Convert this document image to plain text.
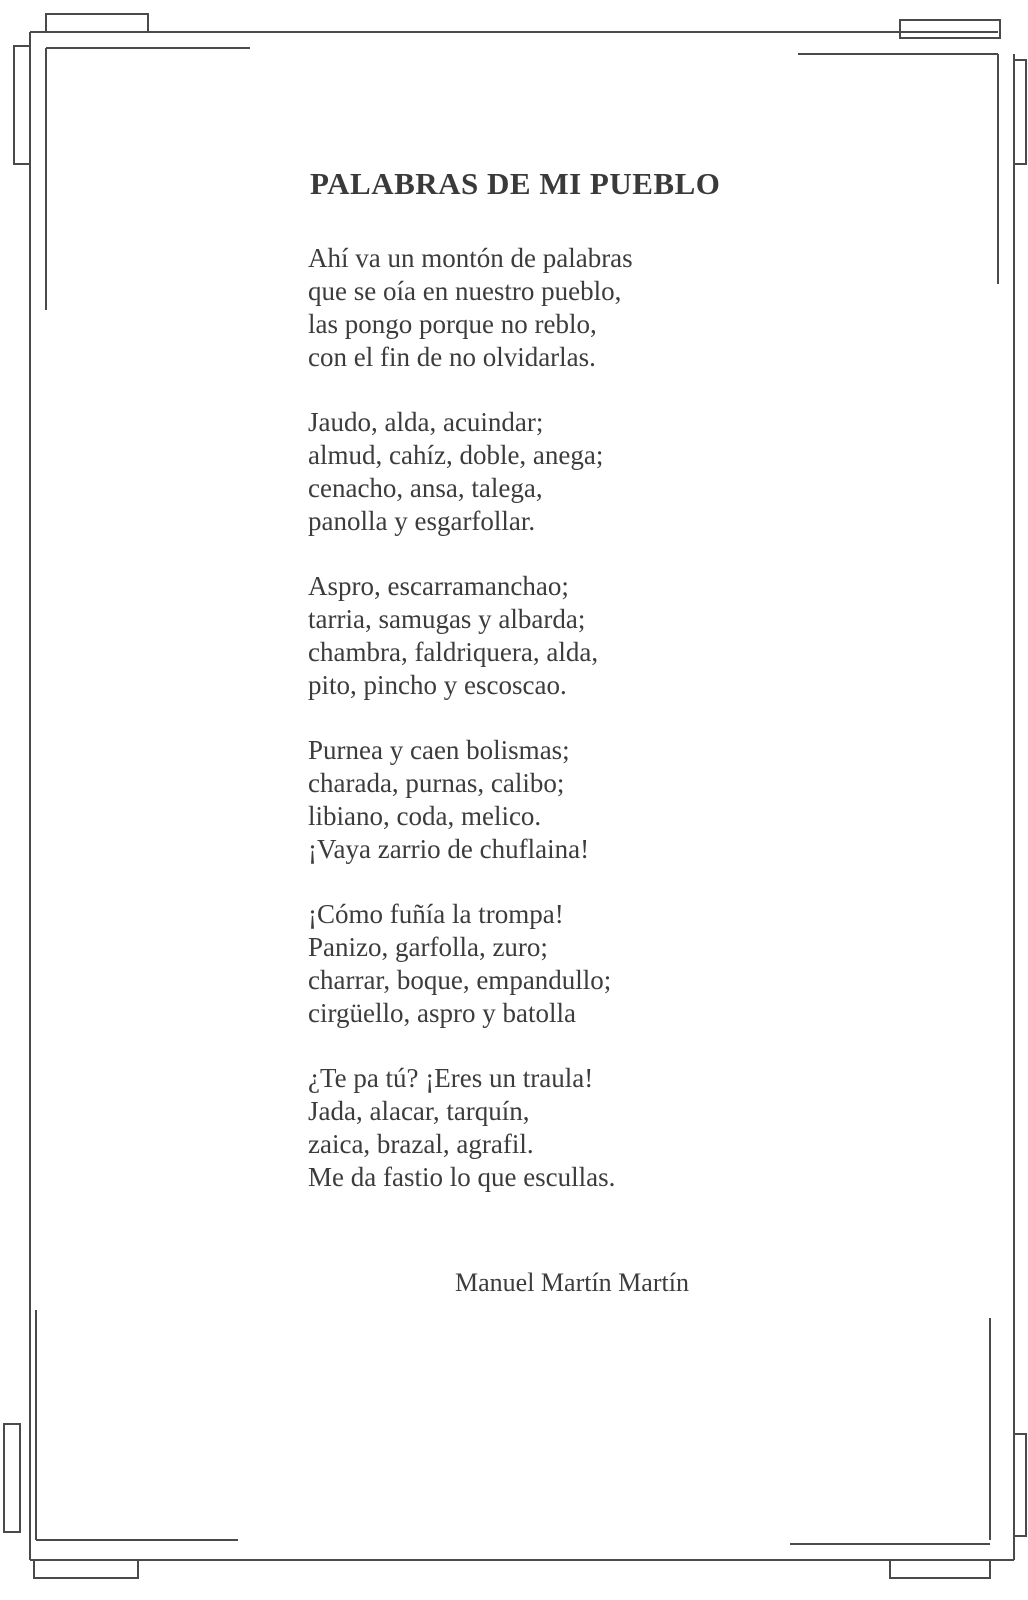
PALABRAS DE MI PUEBLO
Ahí va un montón de palabras
que se oía en nuestro pueblo,
las pongo porque no reblo,
con el fin de no olvidarlas.
Jaudo, alda, acuindar;
almud, cahíz, doble, anega;
cenacho, ansa, talega,
panolla y esgarfollar.
Aspro, escarramanchao;
tarria, samugas y albarda;
chambra, faldriquera, alda,
pito, pincho y escoscao.
Purnea y caen bolismas;
charada, purnas, calibo;
libiano, coda, melico.
¡Vaya zarrio de chuflaina!
¡Cómo fuñía la trompa!
Panizo, garfolla, zuro;
charrar, boque, empandullo;
cirgüello, aspro y batolla
¿Te pa tú? ¡Eres un traula!
Jada, alacar, tarquín,
zaica, brazal, agrafil.
Me da fastio lo que escullas.
Manuel Martín Martín
